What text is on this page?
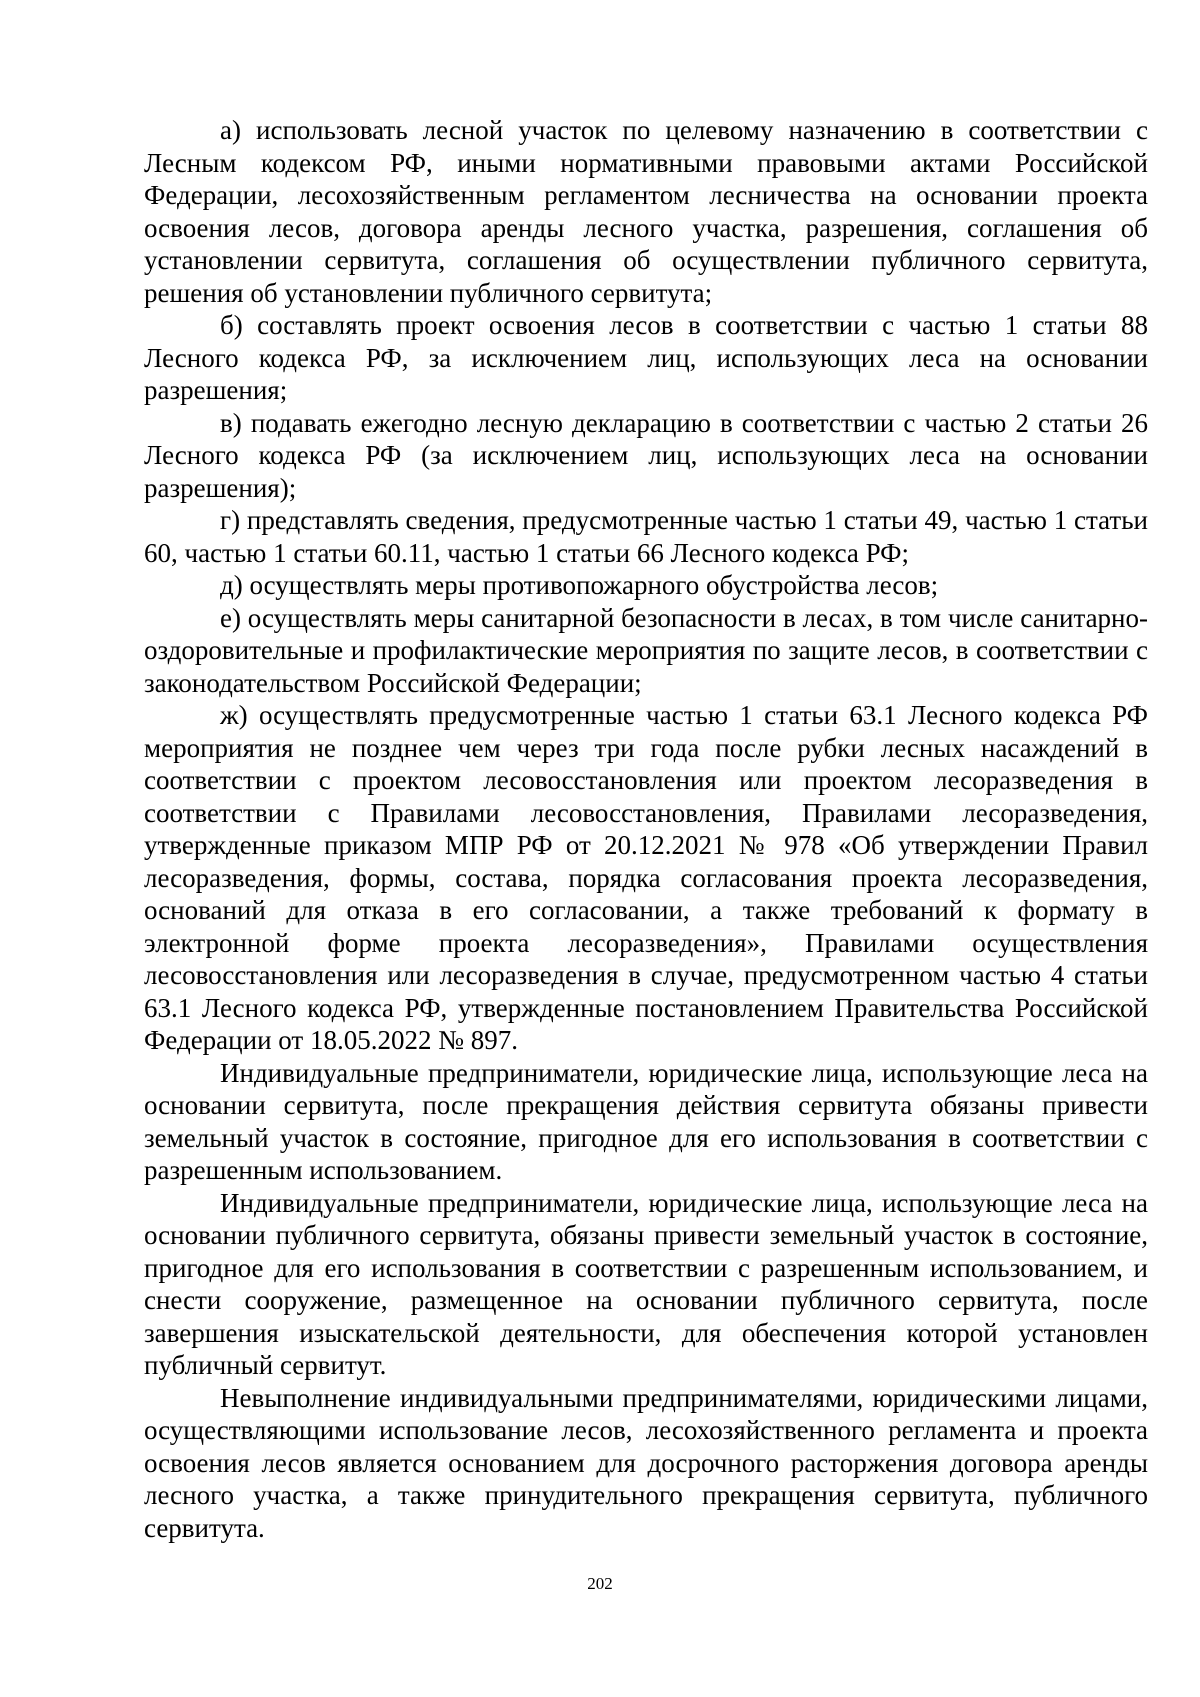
а) использовать лесной участок по целевому назначению в соответствии с Лесным кодексом РФ, иными нормативными правовыми актами Российской Федерации, лесохозяйственным регламентом лесничества на основании проекта освоения лесов, договора аренды лесного участка, разрешения, соглашения об установлении сервитута, соглашения об осуществлении публичного сервитута, решения об установлении публичного сервитута;

б) составлять проект освоения лесов в соответствии с частью 1 статьи 88 Лесного кодекса РФ, за исключением лиц, использующих леса на основании разрешения;

в) подавать ежегодно лесную декларацию в соответствии с частью 2 статьи 26 Лесного кодекса РФ (за исключением лиц, использующих леса на основании разрешения);

г) представлять сведения, предусмотренные частью 1 статьи 49, частью 1 статьи 60, частью 1 статьи 60.11, частью 1 статьи 66 Лесного кодекса РФ;

д) осуществлять меры противопожарного обустройства лесов;

е) осуществлять меры санитарной безопасности в лесах, в том числе санитарно-оздоровительные и профилактические мероприятия по защите лесов, в соответствии с законодательством Российской Федерации;

ж) осуществлять предусмотренные частью 1 статьи 63.1 Лесного кодекса РФ мероприятия не позднее чем через три года после рубки лесных насаждений в соответствии с проектом лесовосстановления или проектом лесоразведения в соответствии с Правилами лесовосстановления, Правилами лесоразведения, утвержденные приказом МПР РФ от 20.12.2021 № 978 «Об утверждении Правил лесоразведения, формы, состава, порядка согласования проекта лесоразведения, оснований для отказа в его согласовании, а также требований к формату в электронной форме проекта лесоразведения», Правилами осуществления лесовосстановления или лесоразведения в случае, предусмотренном частью 4 статьи 63.1 Лесного кодекса РФ, утвержденные постановлением Правительства Российской Федерации от 18.05.2022 № 897.

Индивидуальные предприниматели, юридические лица, использующие леса на основании сервитута, после прекращения действия сервитута обязаны привести земельный участок в состояние, пригодное для его использования в соответствии с разрешенным использованием.

Индивидуальные предприниматели, юридические лица, использующие леса на основании публичного сервитута, обязаны привести земельный участок в состояние, пригодное для его использования в соответствии с разрешенным использованием, и снести сооружение, размещенное на основании публичного сервитута, после завершения изыскательской деятельности, для обеспечения которой установлен публичный сервитут.

Невыполнение индивидуальными предпринимателями, юридическими лицами, осуществляющими использование лесов, лесохозяйственного регламента и проекта освоения лесов является основанием для досрочного расторжения договора аренды лесного участка, а также принудительного прекращения сервитута, публичного сервитута.

202
